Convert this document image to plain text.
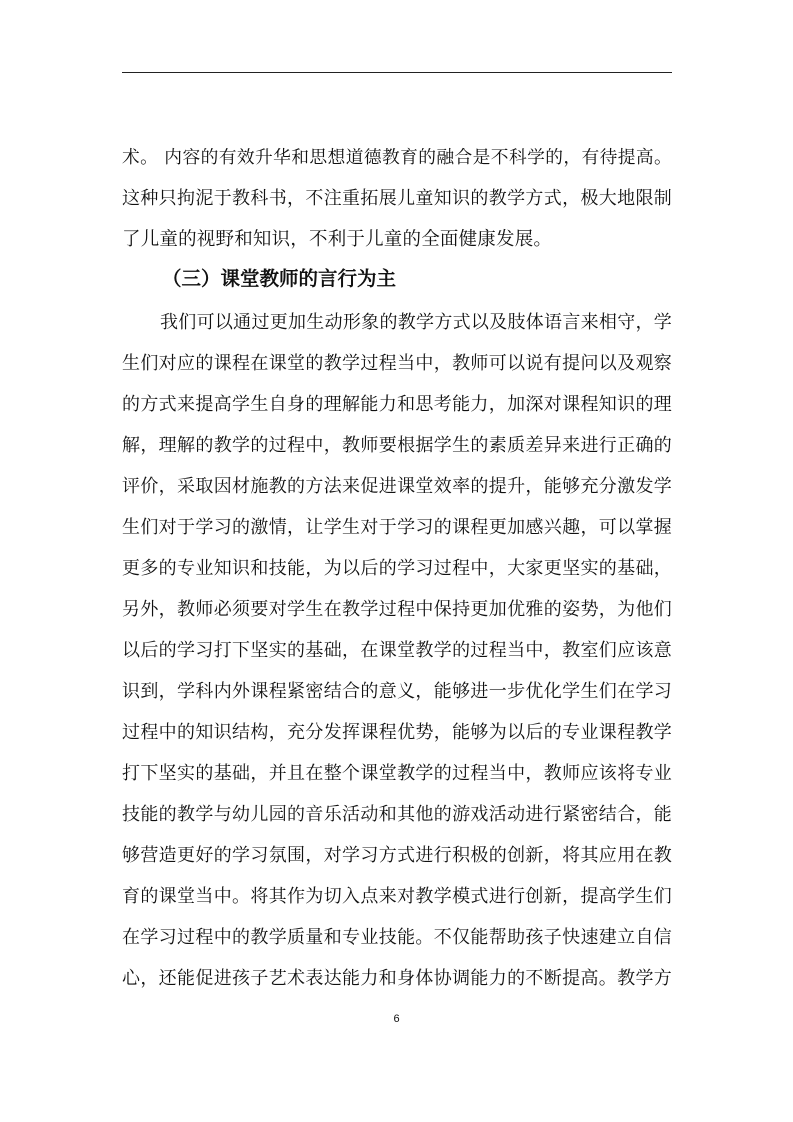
术。 内容的有效升华和思想道德教育的融合是不科学的，有待提高。
这种只拘泥于教科书，不注重拓展儿童知识的教学方式，极大地限制
了儿童的视野和知识，不利于儿童的全面健康发展。
（三）课堂教师的言行为主
我们可以通过更加生动形象的教学方式以及肢体语言来相守，学
生们对应的课程在课堂的教学过程当中，教师可以说有提问以及观察
的方式来提高学生自身的理解能力和思考能力，加深对课程知识的理
解，理解的教学的过程中，教师要根据学生的素质差异来进行正确的
评价，采取因材施教的方法来促进课堂效率的提升，能够充分激发学
生们对于学习的激情，让学生对于学习的课程更加感兴趣，可以掌握
更多的专业知识和技能，为以后的学习过程中，大家更坚实的基础，
另外，教师必须要对学生在教学过程中保持更加优雅的姿势，为他们
以后的学习打下坚实的基础，在课堂教学的过程当中，教室们应该意
识到，学科内外课程紧密结合的意义，能够进一步优化学生们在学习
过程中的知识结构，充分发挥课程优势，能够为以后的专业课程教学
打下坚实的基础，并且在整个课堂教学的过程当中，教师应该将专业
技能的教学与幼儿园的音乐活动和其他的游戏活动进行紧密结合，能
够营造更好的学习氛围，对学习方式进行积极的创新，将其应用在教
育的课堂当中。将其作为切入点来对教学模式进行创新，提高学生们
在学习过程中的教学质量和专业技能。不仅能帮助孩子快速建立自信
心，还能促进孩子艺术表达能力和身体协调能力的不断提高。教学方
6
